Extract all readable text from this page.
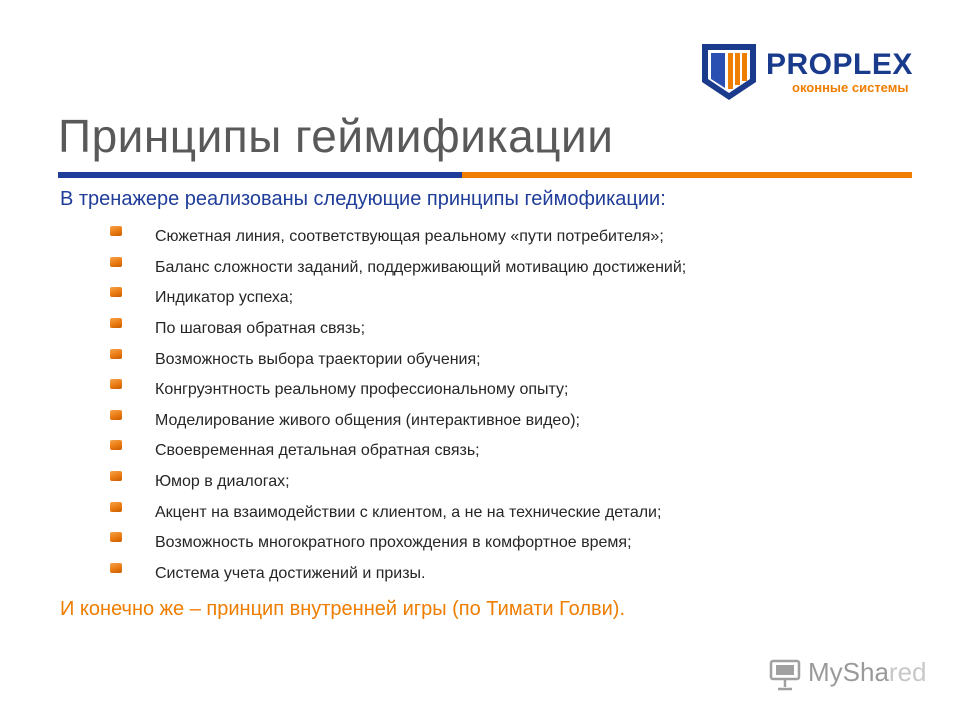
PROPLEX
оконные системы
Принципы геймификации

В тренажере реализованы следующие принципы геймофикации:

Сюжетная линия, соответствующая реальному «пути потребителя»;
Баланс сложности заданий, поддерживающий мотивацию достижений;
Индикатор успеха;
По шаговая обратная связь;
Возможность выбора траектории обучения;
Конгруэнтность реальному профессиональному опыту;
Моделирование живого общения (интерактивное видео);
Своевременная детальная обратная связь;
Юмор в диалогах;
Акцент на взаимодействии с клиентом, а не на технические детали;
Возможность многократного прохождения в комфортное время;
Система учета достижений и призы.

И конечно же – принцип внутренней игры (по Тимати Голви).

MyShared
